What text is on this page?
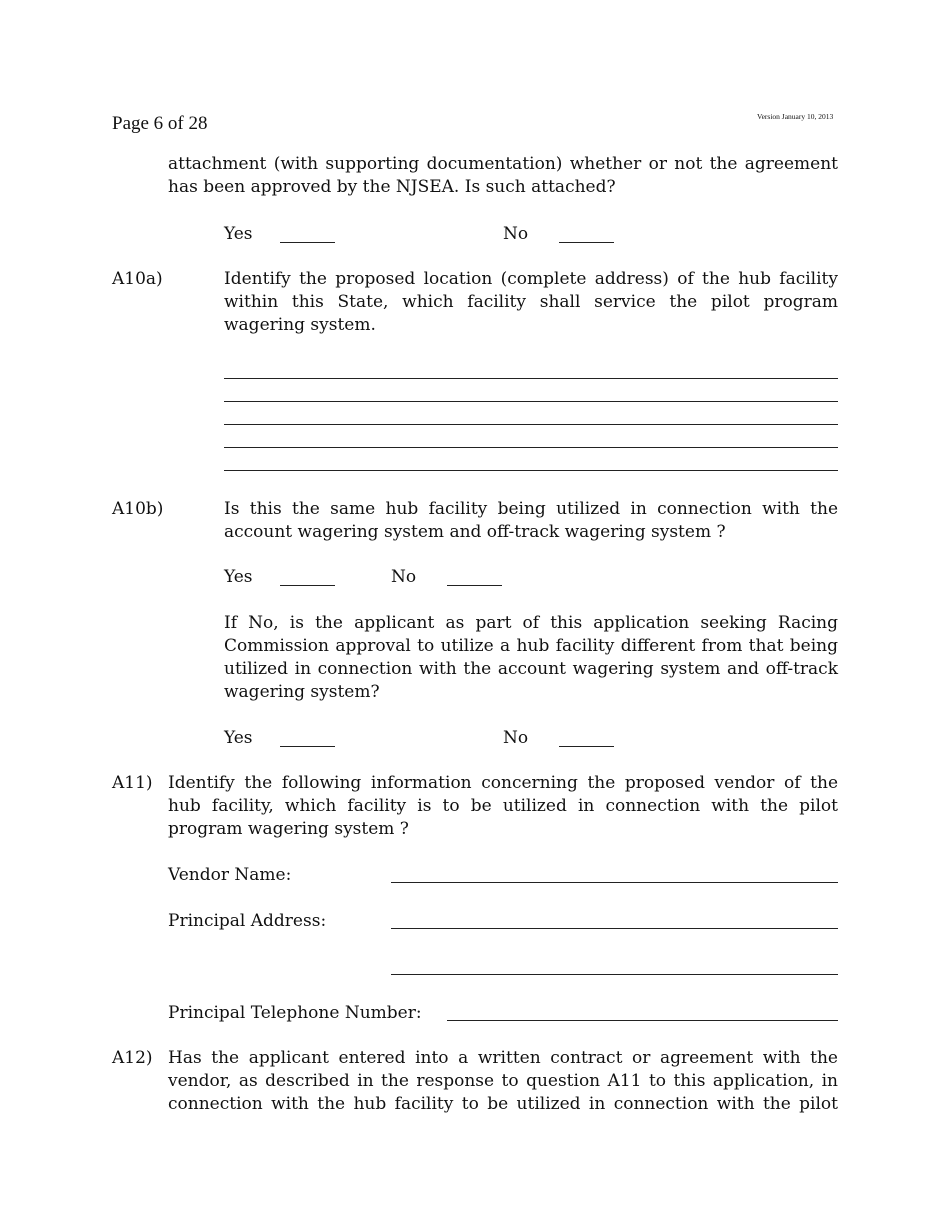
Page 6 of 28	Version January 10, 2013
attachment (with supporting documentation) whether or not the agreement has been approved by the NJSEA. Is such attached?
Yes	No
A10a)	Identify the proposed location (complete address) of the hub facility within this State, which facility shall service the pilot program wagering system.
A10b)	Is this the same hub facility being utilized in connection with the account wagering system and off-track wagering system ?
Yes	No
If No, is the applicant as part of this application seeking Racing Commission approval to utilize a hub facility different from that being utilized in connection with the account wagering system and off-track wagering system?
Yes	No
A11) Identify the following information concerning the proposed vendor of the hub facility, which facility is to be utilized in connection with the pilot program wagering system ?
Vendor Name:
Principal Address:
Principal Telephone Number:
A12) Has the applicant entered into a written contract or agreement with the vendor, as described in the response to question A11 to this application, in connection with the hub facility to be utilized in connection with the pilot
